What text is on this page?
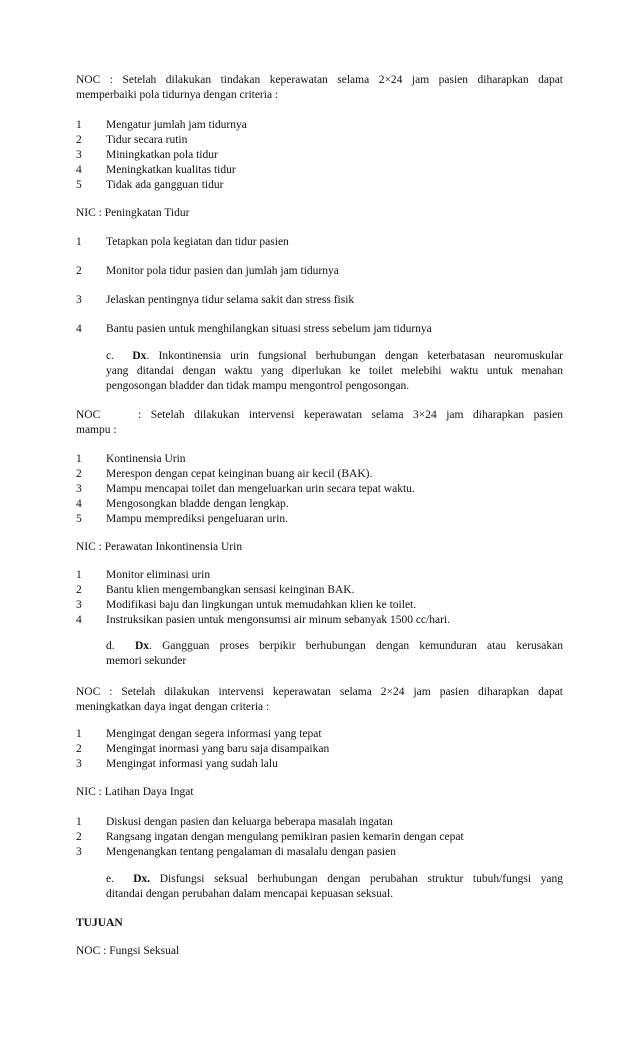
NOC : Setelah dilakukan tindakan keperawatan selama 2×24 jam pasien diharapkan dapat
memperbaiki pola tidurnya dengan criteria :
1	Mengatur jumlah jam tidurnya
2	Tidur secara rutin
3	Miningkatkan pola tidur
4	Meningkatkan kualitas tidur
5	Tidak ada gangguan tidur
NIC : Peningkatan Tidur
1	Tetapkan pola kegiatan dan tidur pasien
2	Monitor pola tidur pasien dan jumlah jam tidurnya
3	Jelaskan pentingnya tidur selama sakit dan stress fisik
4	Bantu pasien untuk menghilangkan situasi stress sebelum jam tidurnya
c. Dx. Inkontinensia urin fungsional berhubungan dengan keterbatasan neuromuskular
yang ditandai dengan waktu yang diperlukan ke toilet melebihi waktu untuk menahan
pengosongan bladder dan tidak mampu mengontrol pengosongan.
NOC	: Setelah dilakukan intervensi keperawatan selama 3×24 jam diharapkan pasien
mampu :
1	Kontinensia Urin
2	Merespon dengan cepat keinginan buang air kecil (BAK).
3	Mampu mencapai toilet dan mengeluarkan urin secara tepat waktu.
4	Mengosongkan bladde dengan lengkap.
5	Mampu memprediksi pengeluaran urin.
NIC : Perawatan Inkontinensia Urin
1	Monitor eliminasi urin
2	Bantu klien mengembangkan sensasi keinginan BAK.
3	Modifikasi baju dan lingkungan untuk memudahkan klien ke toilet.
4	Instruksikan pasien untuk mengonsumsi air minum sebanyak 1500 cc/hari.
d. Dx. Gangguan proses berpikir berhubungan dengan kemunduran atau kerusakan
memori sekunder
NOC : Setelah dilakukan intervensi keperawatan selama 2×24 jam pasien diharapkan dapat
meningkatkan daya ingat dengan criteria :
1	Mengingat dengan segera informasi yang tepat
2	Mengingat inormasi yang baru saja disampaikan
3	Mengingat informasi yang sudah lalu
NIC : Latihan Daya Ingat
1	Diskusi dengan pasien dan keluarga beberapa masalah ingatan
2	Rangsang ingatan dengan mengulang pemikiran pasien kemarin dengan cepat
3	Mengenangkan tentang pengalaman di masalalu dengan pasien
e. Dx. Disfungsi seksual berhubungan dengan perubahan struktur tubuh/fungsi yang
ditandai dengan perubahan dalam mencapai kepuasan seksual.
TUJUAN
NOC : Fungsi Seksual
